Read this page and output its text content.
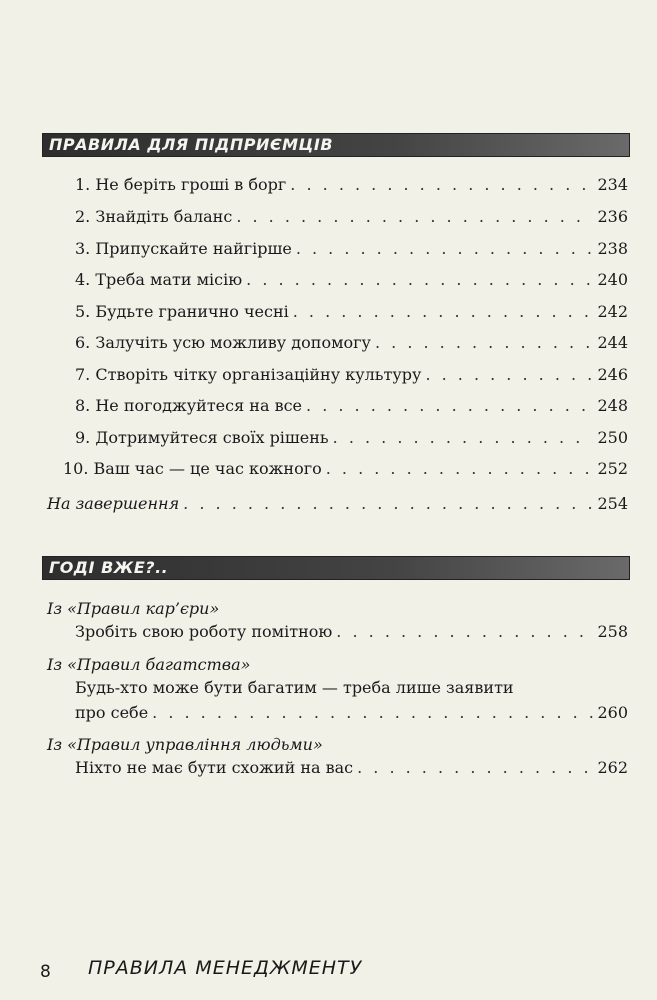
ПРАВИЛА ДЛЯ ПІДПРИЄМЦІВ
1. Не беріть гроші в борг . . .	234
2. Знайдіть баланс . . .	236
3. Припускайте найгірше . . .	238
4. Треба мати місію . . .	240
5. Будьте гранично чесні . . .	242
6. Залучіть усю можливу допомогу . . .	244
7. Створіть чітку організаційну культуру . . .	246
8. Не погоджуйтеся на все . . .	248
9. Дотримуйтеся своїх рішень . . .	250
10. Ваш час — це час кожного . . .	252
На завершення . . .	254
ГОДІ ВЖЕ?..
Із «Правил кар’єри»
Зробіть свою роботу помітною . . .	258
Із «Правил багатства»
Будь-хто може бути багатим — треба лише заявити
про себе . . .	260
Із «Правил управління людьми»
Ніхто не має бути схожий на вас . . .	262
8 ПРАВИЛА МЕНЕДЖМЕНТУ
